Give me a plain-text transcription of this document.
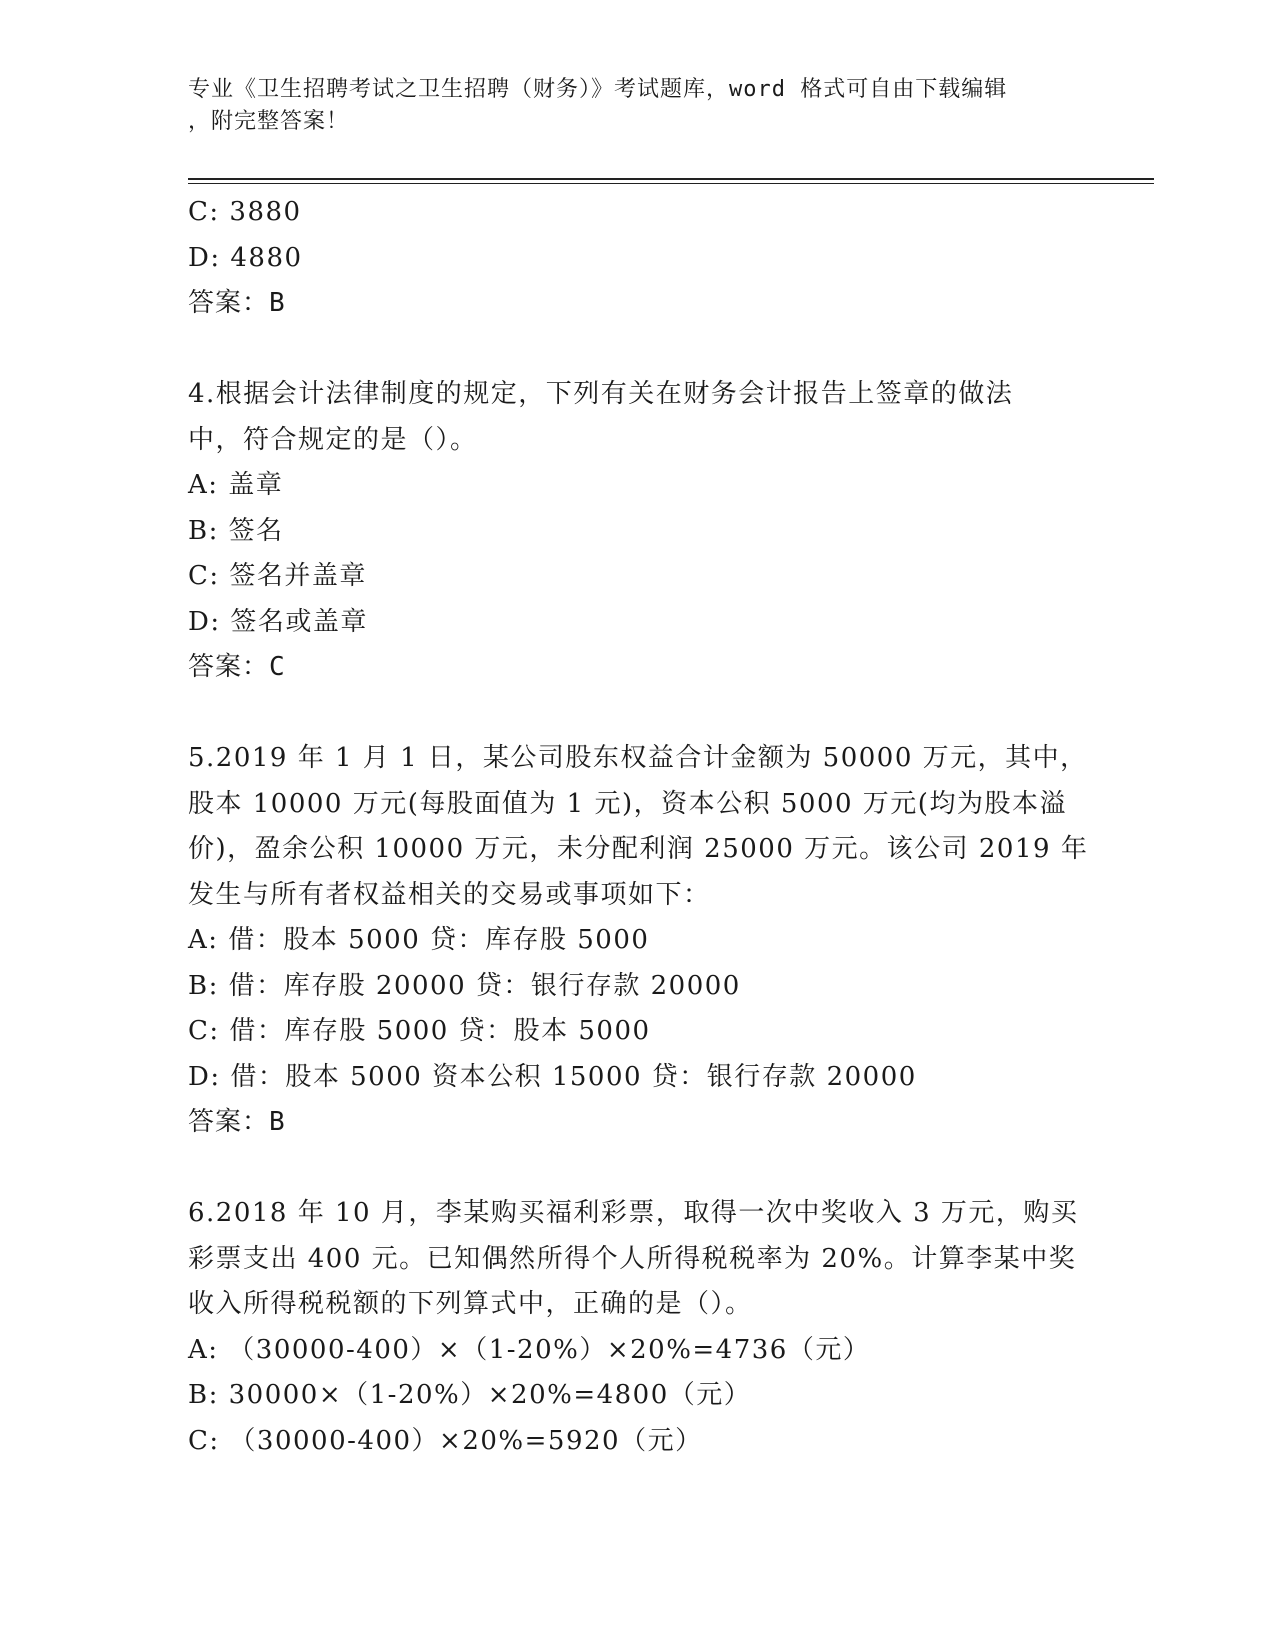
专业《卫生招聘考试之卫生招聘（财务）》考试题库，word 格式可自由下载编辑
，附完整答案！
C: 3880
D: 4880
答案：B
4.根据会计法律制度的规定，下列有关在财务会计报告上签章的做法
中，符合规定的是（）。
A: 盖章
B: 签名
C: 签名并盖章
D: 签名或盖章
答案：C
5.2019 年 1 月 1 日，某公司股东权益合计金额为 50000 万元，其中，
股本 10000 万元(每股面值为 1 元)，资本公积 5000 万元(均为股本溢
价)，盈余公积 10000 万元，未分配利润 25000 万元。该公司 2019 年
发生与所有者权益相关的交易或事项如下：
A: 借：股本 5000 贷：库存股 5000
B: 借：库存股 20000 贷：银行存款 20000
C: 借：库存股 5000 贷：股本 5000
D: 借：股本 5000 资本公积 15000 贷：银行存款 20000
答案：B
6.2018 年 10 月，李某购买福利彩票，取得一次中奖收入 3 万元，购买
彩票支出 400 元。已知偶然所得个人所得税税率为 20%。计算李某中奖
收入所得税税额的下列算式中，正确的是（）。
A: （30000-400）×（1-20%）×20%=4736（元）
B: 30000×（1-20%）×20%=4800（元）
C: （30000-400）×20%=5920（元）
